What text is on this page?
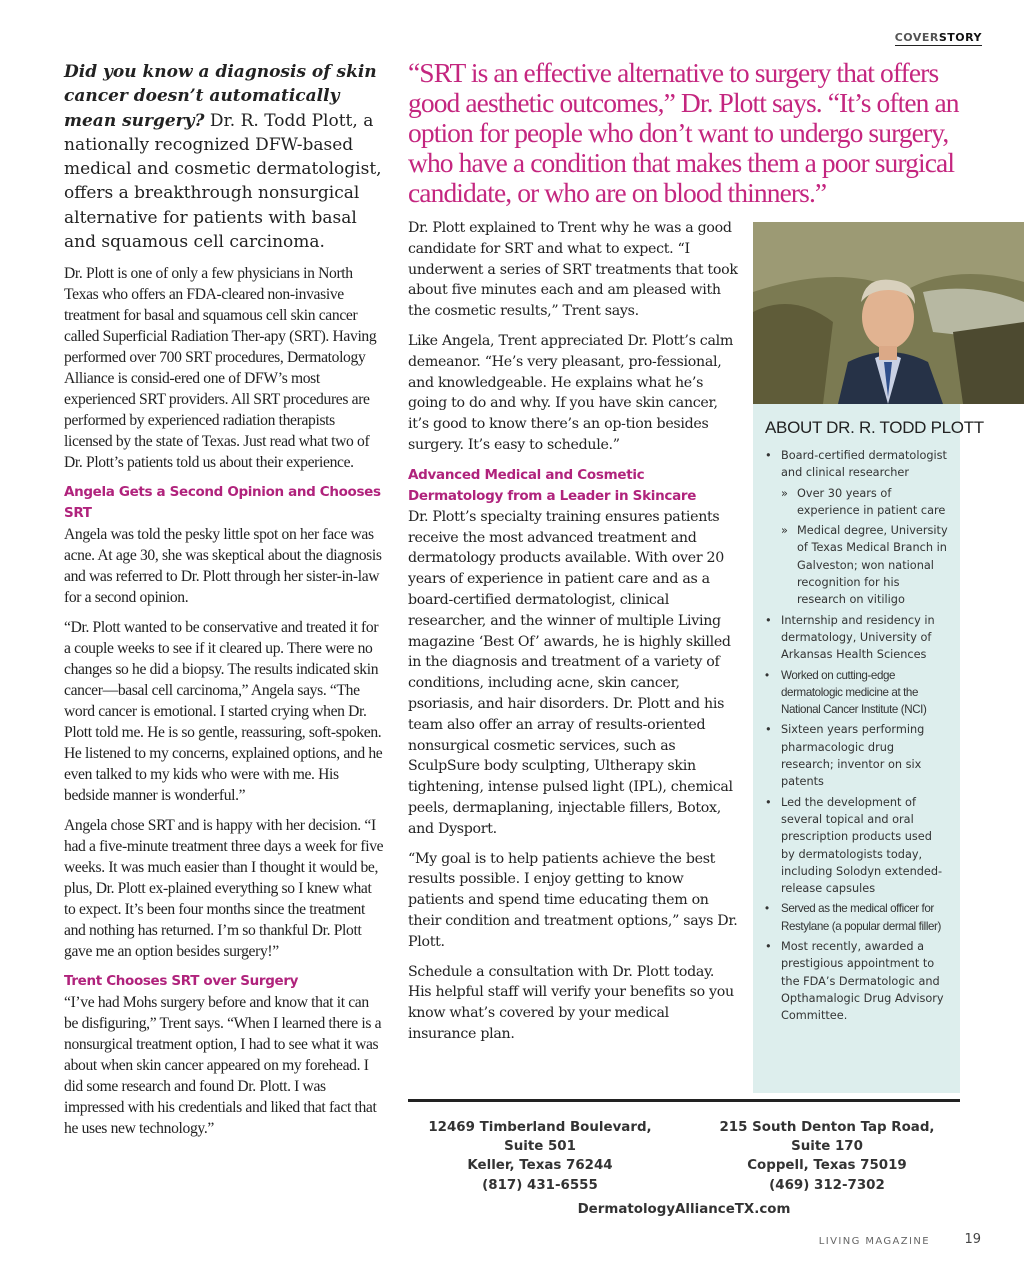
COVERSTORY
Did you know a diagnosis of skin cancer doesn’t automatically mean surgery? Dr. R. Todd Plott, a nationally recognized DFW-based medical and cosmetic dermatologist, offers a breakthrough nonsurgical alternative for patients with basal and squamous cell carcinoma.

Dr. Plott is one of only a few physicians in North Texas who offers an FDA-cleared non-invasive treatment for basal and squamous cell skin cancer called Superficial Radiation Ther-apy (SRT). Having performed over 700 SRT procedures, Dermatology Alliance is consid-ered one of DFW’s most experienced SRT providers. All SRT procedures are performed by experienced radiation therapists licensed by the state of Texas. Just read what two of Dr. Plott’s patients told us about their experience.

Angela Gets a Second Opinion and Chooses SRT

Angela was told the pesky little spot on her face was acne. At age 30, she was skeptical about the diagnosis and was referred to Dr. Plott through her sister-in-law for a second opinion.

“Dr. Plott wanted to be conservative and treated it for a couple weeks to see if it cleared up. There were no changes so he did a biopsy. The results indicated skin cancer—basal cell carcinoma,” Angela says. “The word cancer is emotional. I started crying when Dr. Plott told me. He is so gentle, reassuring, soft-spoken. He listened to my concerns, explained options, and he even talked to my kids who were with me. His bedside manner is wonderful.”

Angela chose SRT and is happy with her decision. “I had a five-minute treatment three days a week for five weeks. It was much easier than I thought it would be, plus, Dr. Plott ex-plained everything so I knew what to expect. It’s been four months since the treatment and nothing has returned. I’m so thankful Dr. Plott gave me an option besides surgery!”

Trent Chooses SRT over Surgery

“I’ve had Mohs surgery before and know that it can be disfiguring,” Trent says. “When I learned there is a nonsurgical treatment option, I had to see what it was about when skin cancer appeared on my forehead. I did some research and found Dr. Plott. I was impressed with his credentials and liked that fact that he uses new technology.”

“SRT is an effective alternative to surgery that offers good aesthetic outcomes,” Dr. Plott says. “It’s often an option for people who don’t want to undergo surgery, who have a condition that makes them a poor surgical candidate, or who are on blood thinners.”

Dr. Plott explained to Trent why he was a good candidate for SRT and what to expect. “I underwent a series of SRT treatments that took about five minutes each and am pleased with the cosmetic results,” Trent says.

Like Angela, Trent appreciated Dr. Plott’s calm demeanor. “He’s very pleasant, pro-fessional, and knowledgeable. He explains what he’s going to do and why. If you have skin cancer, it’s good to know there’s an op-tion besides surgery. It’s easy to schedule.”

Advanced Medical and Cosmetic Dermatology from a Leader in Skincare

Dr. Plott’s specialty training ensures patients receive the most advanced treatment and dermatology products available. With over 20 years of experience in patient care and as a board-certified dermatologist, clinical researcher, and the winner of multiple Living magazine ‘Best Of’ awards, he is highly skilled in the diagnosis and treatment of a variety of conditions, including acne, skin cancer, psoriasis, and hair disorders. Dr. Plott and his team also offer an array of results-oriented nonsurgical cosmetic services, such as SculpSure body sculpting, Ultherapy skin tightening, intense pulsed light (IPL), chemical peels, dermaplaning, injectable fillers, Botox, and Dysport.

“My goal is to help patients achieve the best results possible. I enjoy getting to know patients and spend time educating them on their condition and treatment options,” says Dr. Plott.

Schedule a consultation with Dr. Plott today. His helpful staff will verify your benefits so you know what’s covered by your medical insurance plan.

ABOUT DR. R. TODD PLOTT
• Board-certified dermatologist and clinical researcher
» Over 30 years of experience in patient care
» Medical degree, University of Texas Medical Branch in Galveston; won national recognition for his research on vitiligo
• Internship and residency in dermatology, University of Arkansas Health Sciences
• Worked on cutting-edge dermatologic medicine at the National Cancer Institute (NCI)
• Sixteen years performing pharmacologic drug research; inventor on six patents
• Led the development of several topical and oral prescription products used by dermatologists today, including Solodyn extended-release capsules
• Served as the medical officer for Restylane (a popular dermal filler)
• Most recently, awarded a prestigious appointment to the FDA’s Dermatologic and Opthamalogic Drug Advisory Committee.
12469 Timberland Boulevard,
Suite 501
Keller, Texas 76244
(817) 431-6555
215 South Denton Tap Road,
Suite 170
Coppell, Texas 75019
(469) 312-7302
DermatologyAllianceTX.com
LIVING MAGAZINE	19
